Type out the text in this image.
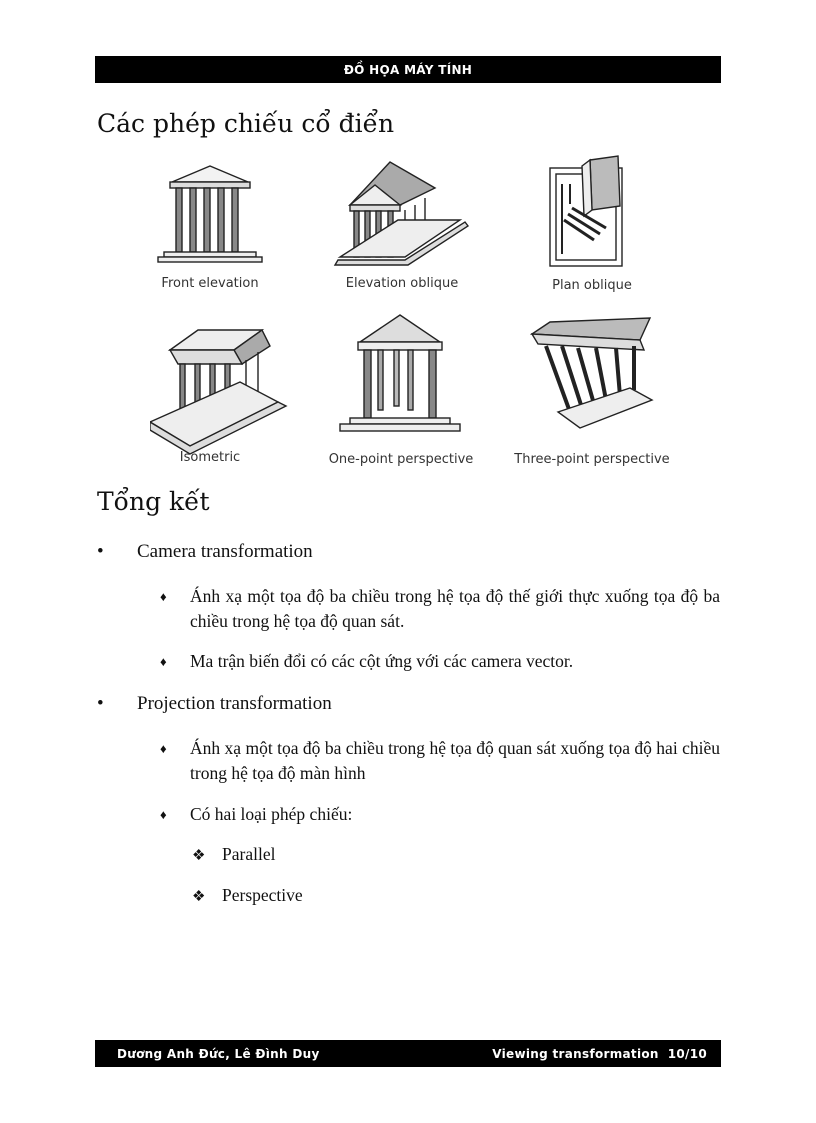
ĐỒ HỌA MÁY TÍNH
Các phép chiếu cổ điển
Front elevation	Elevation oblique	Plan oblique
Isometric	One-point perspective	Three-point perspective
Tổng kết
• Camera transformation
♦ Ánh xạ một tọa độ ba chiều trong hệ tọa độ thế giới thực xuống tọa độ ba chiều trong hệ tọa độ quan sát.
♦ Ma trận biến đổi có các cột ứng với các camera vector.
• Projection transformation
♦ Ánh xạ một tọa độ ba chiều trong hệ tọa độ quan sát xuống tọa độ hai chiều trong hệ tọa độ màn hình
♦ Có hai loại phép chiếu:
❖ Parallel
❖ Perspective
Dương Anh Đức, Lê Đình Duy	Viewing transformation  10/10
